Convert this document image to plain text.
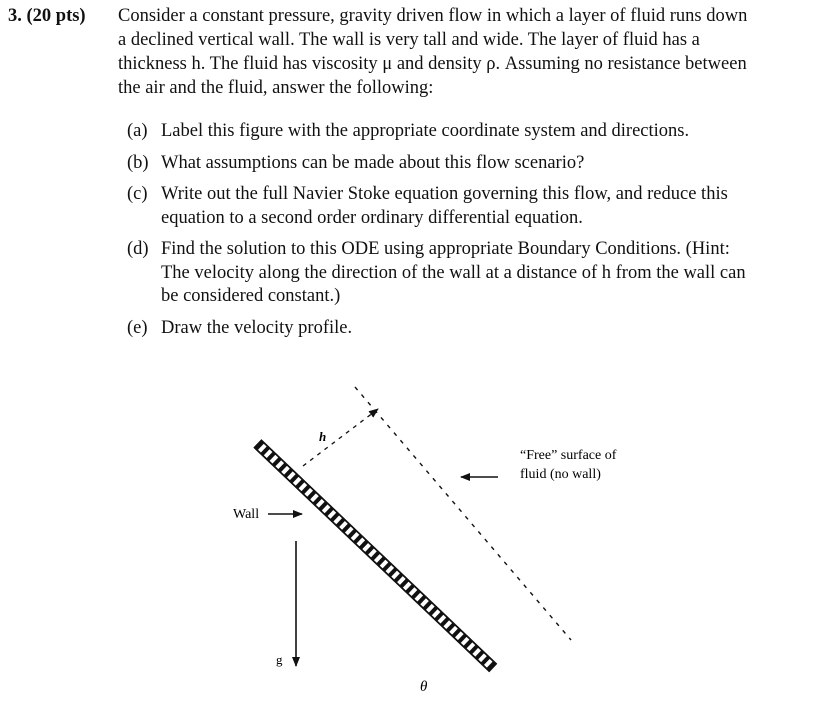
3. (20 pts) Consider a constant pressure, gravity driven flow in which a layer of fluid runs down
a declined vertical wall. The wall is very tall and wide. The layer of fluid has a
thickness h. The fluid has viscosity μ and density ρ. Assuming no resistance between
the air and the fluid, answer the following:
(a) Label this figure with the appropriate coordinate system and directions.
(b) What assumptions can be made about this flow scenario?
(c) Write out the full Navier Stoke equation governing this flow, and reduce this
equation to a second order ordinary differential equation.
(d) Find the solution to this ODE using appropriate Boundary Conditions. (Hint:
The velocity along the direction of the wall at a distance of h from the wall can
be considered constant.)
(e) Draw the velocity profile.
h
“Free” surface of
fluid (no wall)
Wall
g
θ
